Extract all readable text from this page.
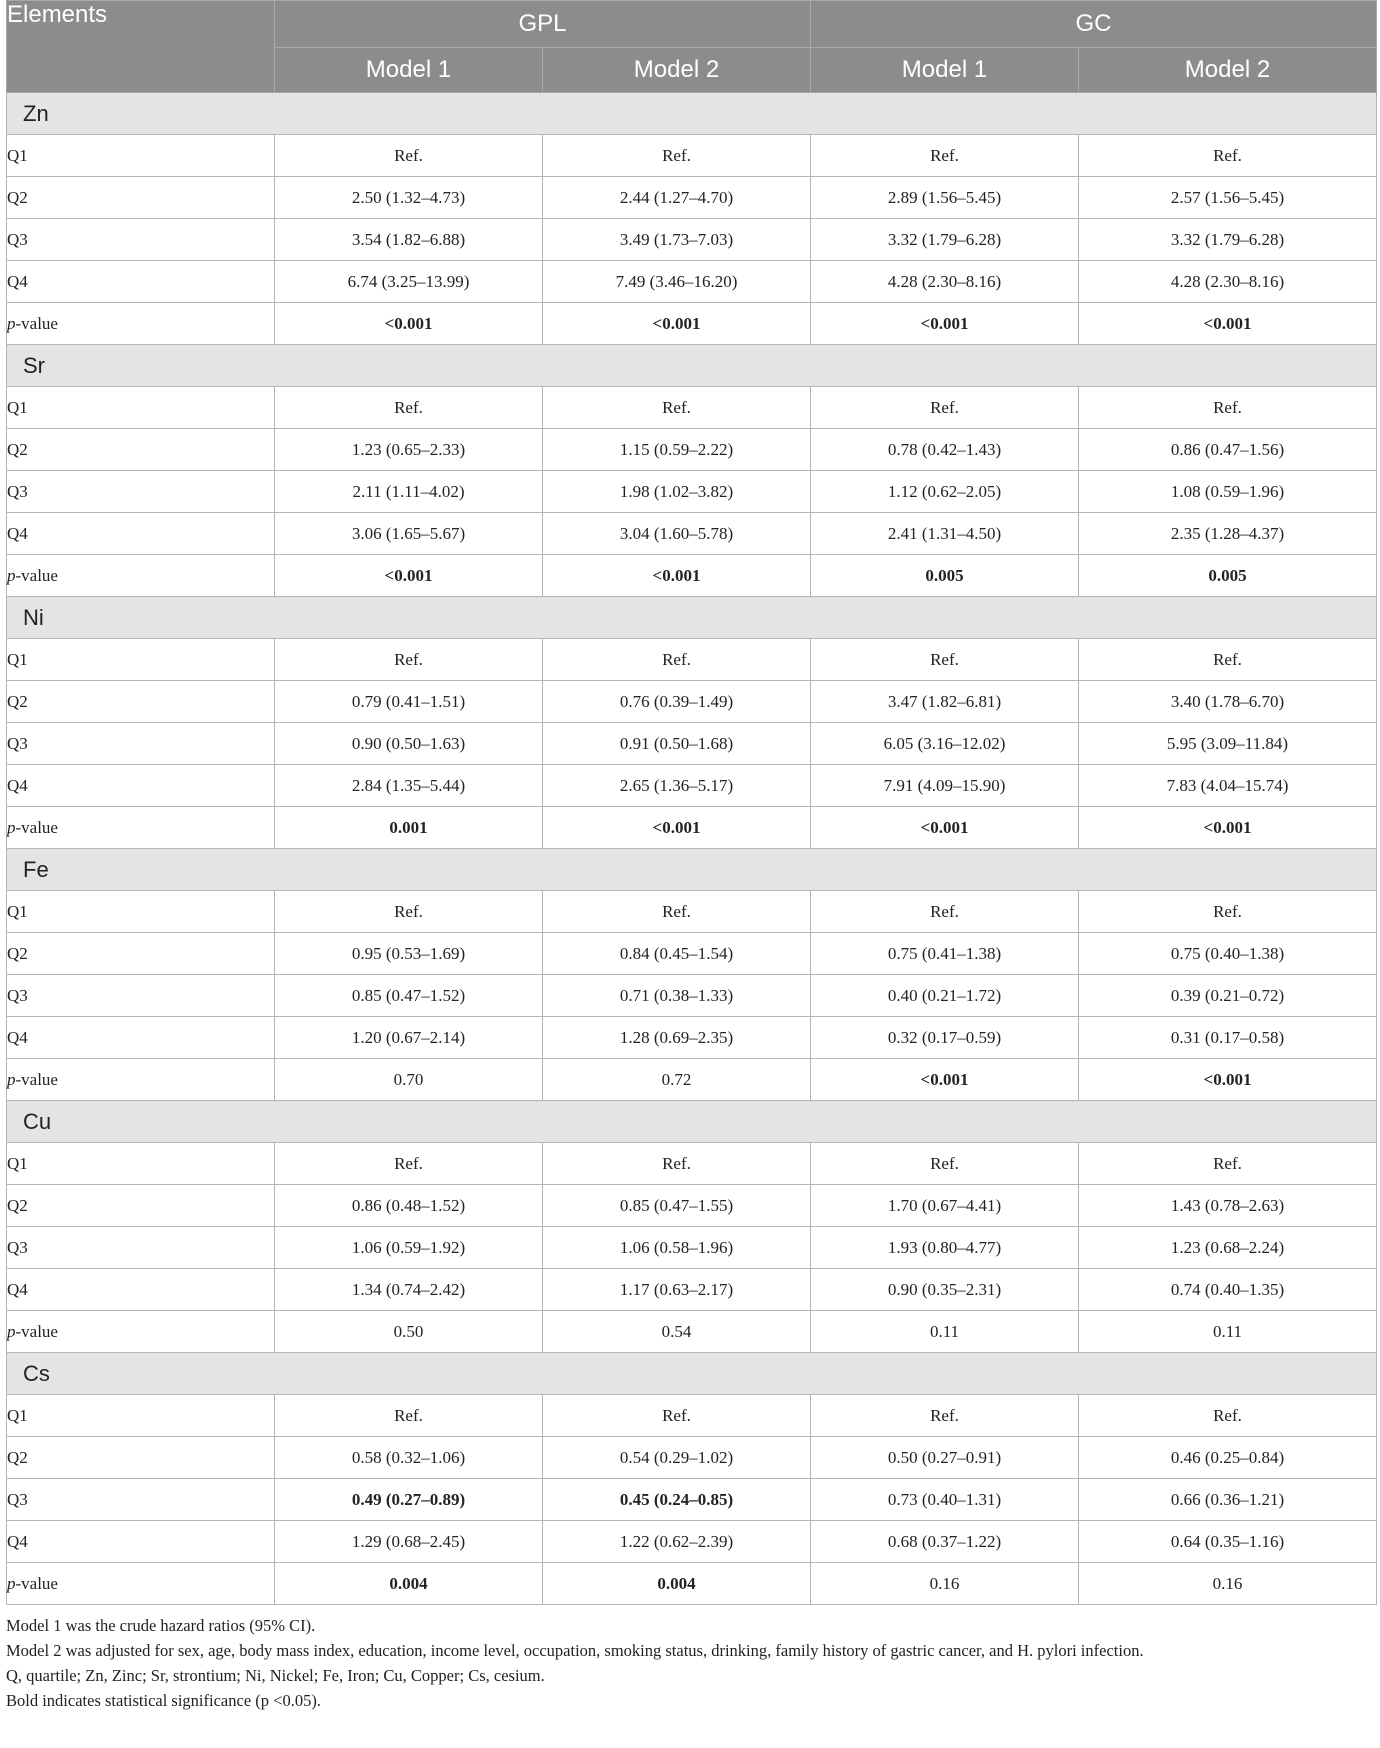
Elements	GPL		GC	
	Model 1	Model 2	Model 1	Model 2
Zn				
Q1	Ref.	Ref.	Ref.	Ref.
Q2	2.50 (1.32–4.73)	2.44 (1.27–4.70)	2.89 (1.56–5.45)	2.57 (1.56–5.45)
Q3	3.54 (1.82–6.88)	3.49 (1.73–7.03)	3.32 (1.79–6.28)	3.32 (1.79–6.28)
Q4	6.74 (3.25–13.99)	7.49 (3.46–16.20)	4.28 (2.30–8.16)	4.28 (2.30–8.16)
p-value	<0.001	<0.001	<0.001	<0.001
Sr				
Q1	Ref.	Ref.	Ref.	Ref.
Q2	1.23 (0.65–2.33)	1.15 (0.59–2.22)	0.78 (0.42–1.43)	0.86 (0.47–1.56)
Q3	2.11 (1.11–4.02)	1.98 (1.02–3.82)	1.12 (0.62–2.05)	1.08 (0.59–1.96)
Q4	3.06 (1.65–5.67)	3.04 (1.60–5.78)	2.41 (1.31–4.50)	2.35 (1.28–4.37)
p-value	<0.001	<0.001	0.005	0.005
Ni				
Q1	Ref.	Ref.	Ref.	Ref.
Q2	0.79 (0.41–1.51)	0.76 (0.39–1.49)	3.47 (1.82–6.81)	3.40 (1.78–6.70)
Q3	0.90 (0.50–1.63)	0.91 (0.50–1.68)	6.05 (3.16–12.02)	5.95 (3.09–11.84)
Q4	2.84 (1.35–5.44)	2.65 (1.36–5.17)	7.91 (4.09–15.90)	7.83 (4.04–15.74)
p-value	0.001	<0.001	<0.001	<0.001
Fe				
Q1	Ref.	Ref.	Ref.	Ref.
Q2	0.95 (0.53–1.69)	0.84 (0.45–1.54)	0.75 (0.41–1.38)	0.75 (0.40–1.38)
Q3	0.85 (0.47–1.52)	0.71 (0.38–1.33)	0.40 (0.21–1.72)	0.39 (0.21–0.72)
Q4	1.20 (0.67–2.14)	1.28 (0.69–2.35)	0.32 (0.17–0.59)	0.31 (0.17–0.58)
p-value	0.70	0.72	<0.001	<0.001
Cu				
Q1	Ref.	Ref.	Ref.	Ref.
Q2	0.86 (0.48–1.52)	0.85 (0.47–1.55)	1.70 (0.67–4.41)	1.43 (0.78–2.63)
Q3	1.06 (0.59–1.92)	1.06 (0.58–1.96)	1.93 (0.80–4.77)	1.23 (0.68–2.24)
Q4	1.34 (0.74–2.42)	1.17 (0.63–2.17)	0.90 (0.35–2.31)	0.74 (0.40–1.35)
p-value	0.50	0.54	0.11	0.11
Cs				
Q1	Ref.	Ref.	Ref.	Ref.
Q2	0.58 (0.32–1.06)	0.54 (0.29–1.02)	0.50 (0.27–0.91)	0.46 (0.25–0.84)
Q3	0.49 (0.27–0.89)	0.45 (0.24–0.85)	0.73 (0.40–1.31)	0.66 (0.36–1.21)
Q4	1.29 (0.68–2.45)	1.22 (0.62–2.39)	0.68 (0.37–1.22)	0.64 (0.35–1.16)
p-value	0.004	0.004	0.16	0.16
Model 1 was the crude hazard ratios (95% CI).
Model 2 was adjusted for sex, age, body mass index, education, income level, occupation, smoking status, drinking, family history of gastric cancer, and H. pylori infection.
Q, quartile; Zn, Zinc; Sr, strontium; Ni, Nickel; Fe, Iron; Cu, Copper; Cs, cesium.
Bold indicates statistical significance (p <0.05).
